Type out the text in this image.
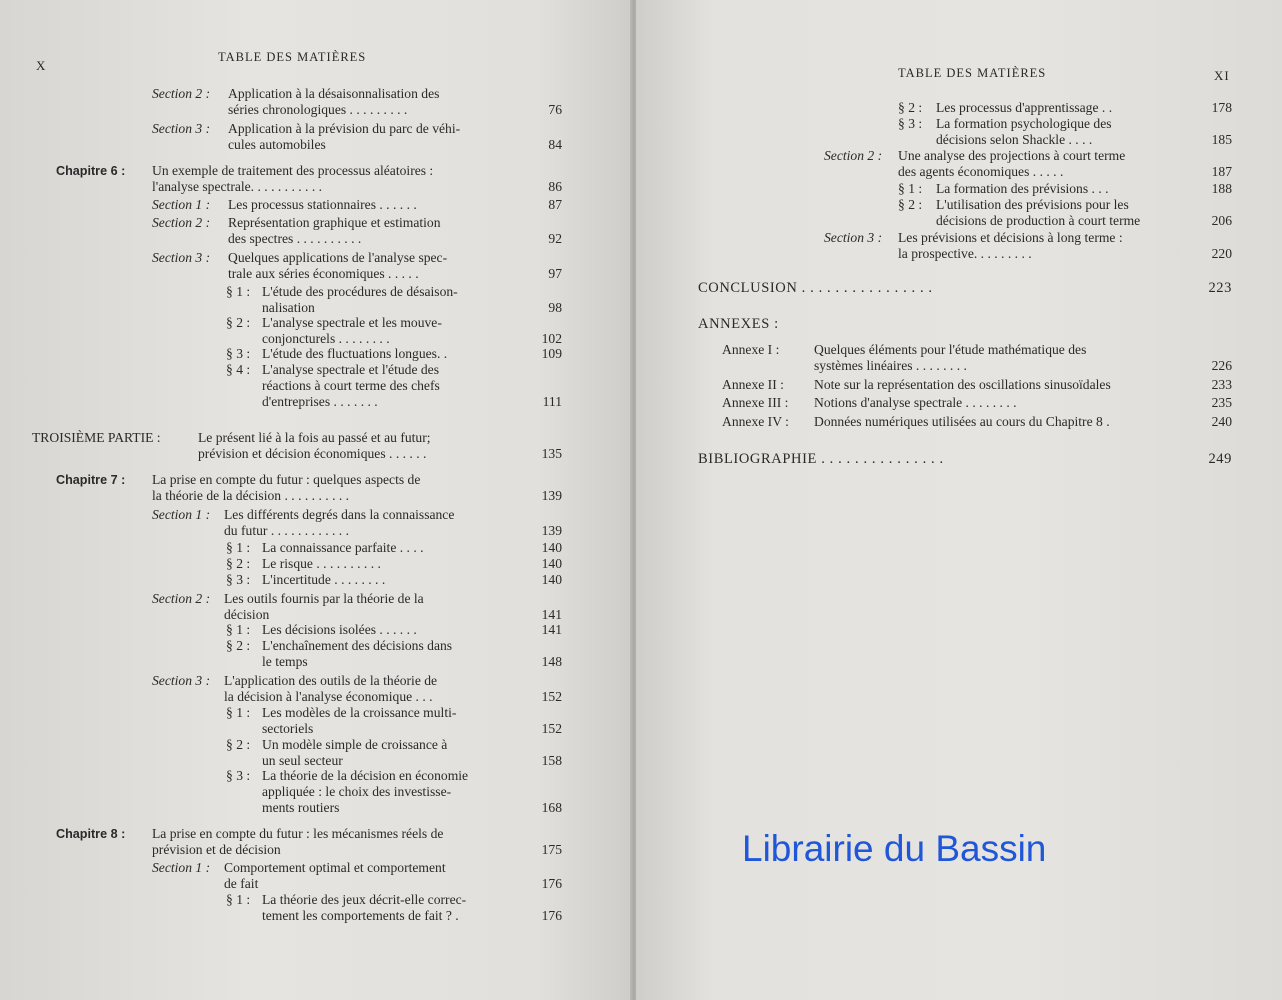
X
TABLE DES MATIÈRES
Section 2 :	Application à la désaisonnalisation des
séries chronologiques . . . . . . . . .	76
Section 3 :	Application à la prévision du parc de véhi-
cules automobiles	84
Chapitre 6 :	Un exemple de traitement des processus aléatoires :
l'analyse spectrale. . . . . . . . . . .	86
Section 1 :	Les processus stationnaires . . . . . .	87
Section 2 :	Représentation graphique et estimation
des spectres . . . . . . . . . .	92
Section 3 :	Quelques applications de l'analyse spec-
trale aux séries économiques . . . . .	97
§ 1 : L'étude des procédures de désaison-
nalisation	98
§ 2 : L'analyse spectrale et les mouve-
conjoncturels . . . . . . . .	102
§ 3 : L'étude des fluctuations longues. .	109
§ 4 : L'analyse spectrale et l'étude des
réactions à court terme des chefs
d'entreprises . . . . . . .	111
TROISIÈME PARTIE :	Le présent lié à la fois au passé et au futur;
prévision et décision économiques . . . . . .	135
Chapitre 7 :	La prise en compte du futur : quelques aspects de
la théorie de la décision . . . . . . . . . .	139
Section 1 :	Les différents degrés dans la connaissance
du futur . . . . . . . . . . . .	139
§ 1 : La connaissance parfaite . . . .	140
§ 2 : Le risque . . . . . . . . . .	140
§ 3 : L'incertitude . . . . . . . .	140
Section 2 :	Les outils fournis par la théorie de la
décision	141
§ 1 : Les décisions isolées . . . . . .	141
§ 2 : L'enchaînement des décisions dans
le temps	148
Section 3 :	L'application des outils de la théorie de
la décision à l'analyse économique . . .	152
§ 1 : Les modèles de la croissance multi-
sectoriels	152
§ 2 : Un modèle simple de croissance à
un seul secteur	158
§ 3 : La théorie de la décision en économie
appliquée : le choix des investisse-
ments routiers	168
Chapitre 8 :	La prise en compte du futur : les mécanismes réels de
prévision et de décision	175
Section 1 :	Comportement optimal et comportement
de fait	176
§ 1 : La théorie des jeux décrit-elle correc-
tement les comportements de fait ? .	176
TABLE DES MATIÈRES	XI
§ 2 :	Les processus d'apprentissage . .	178
§ 3 :	La formation psychologique des
décisions selon Shackle . . . .	185
Section 2 :	Une analyse des projections à court terme
des agents économiques . . . . .	187
§ 1 :	La formation des prévisions . . .	188
§ 2 :	L'utilisation des prévisions pour les
décisions de production à court terme	206
Section 3 :	Les prévisions et décisions à long terme :
la prospective. . . . . . . . .	220
CONCLUSION . . . . . . . . . . . . . . . .	223
ANNEXES :
Annexe I :	Quelques éléments pour l'étude mathématique des
systèmes linéaires . . . . . . . .	226
Annexe II :	Note sur la représentation des oscillations sinusoïdales	233
Annexe III :	Notions d'analyse spectrale . . . . . . . .	235
Annexe IV :	Données numériques utilisées au cours du Chapitre 8 .	240
BIBLIOGRAPHIE . . . . . . . . . . . . . . .	249
Librairie du Bassin
